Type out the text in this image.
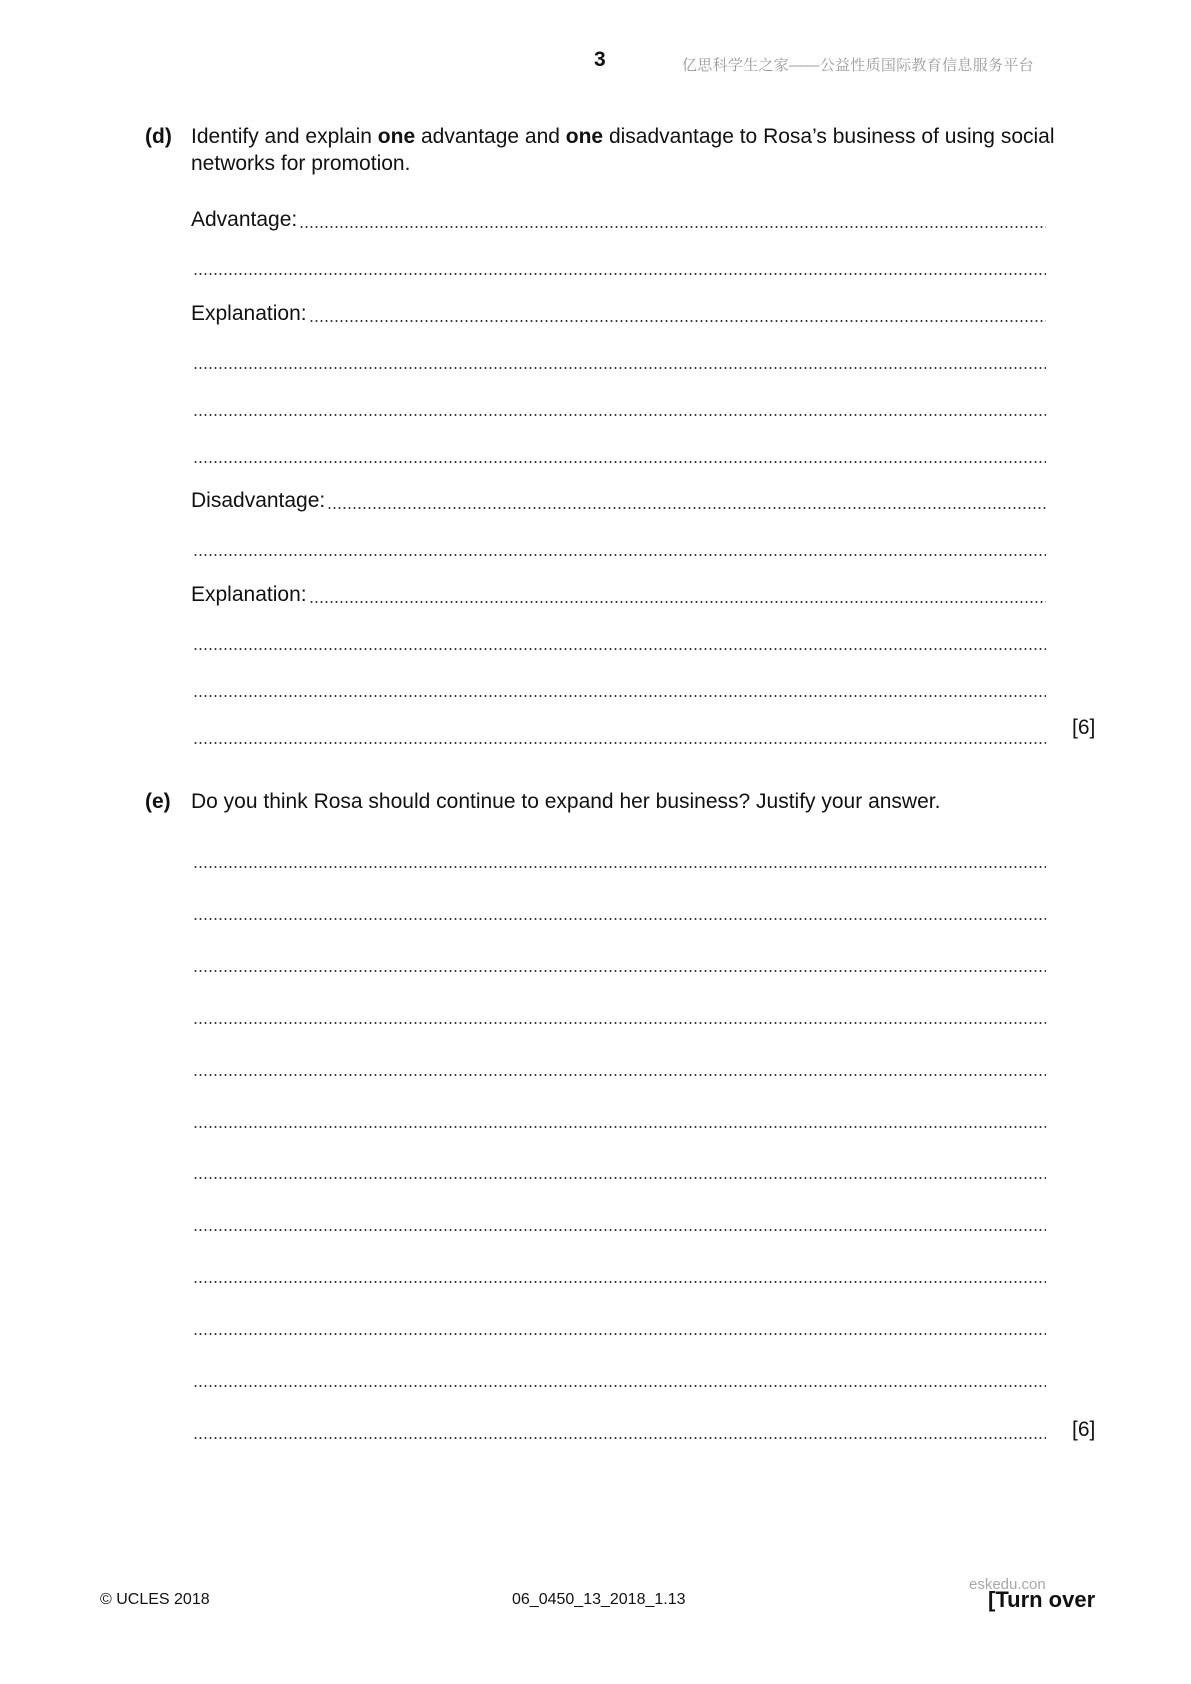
3	亿思科学生之家——公益性质国际教育信息服务平台
(d) Identify and explain one advantage and one disadvantage to Rosa’s business of using social networks for promotion.
Advantage:
Explanation:
Disadvantage:
Explanation:
[6]
(e) Do you think Rosa should continue to expand her business? Justify your answer.
[6]
© UCLES 2018	06_0450_13_2018_1.13
eskedu.con
[Turn over
